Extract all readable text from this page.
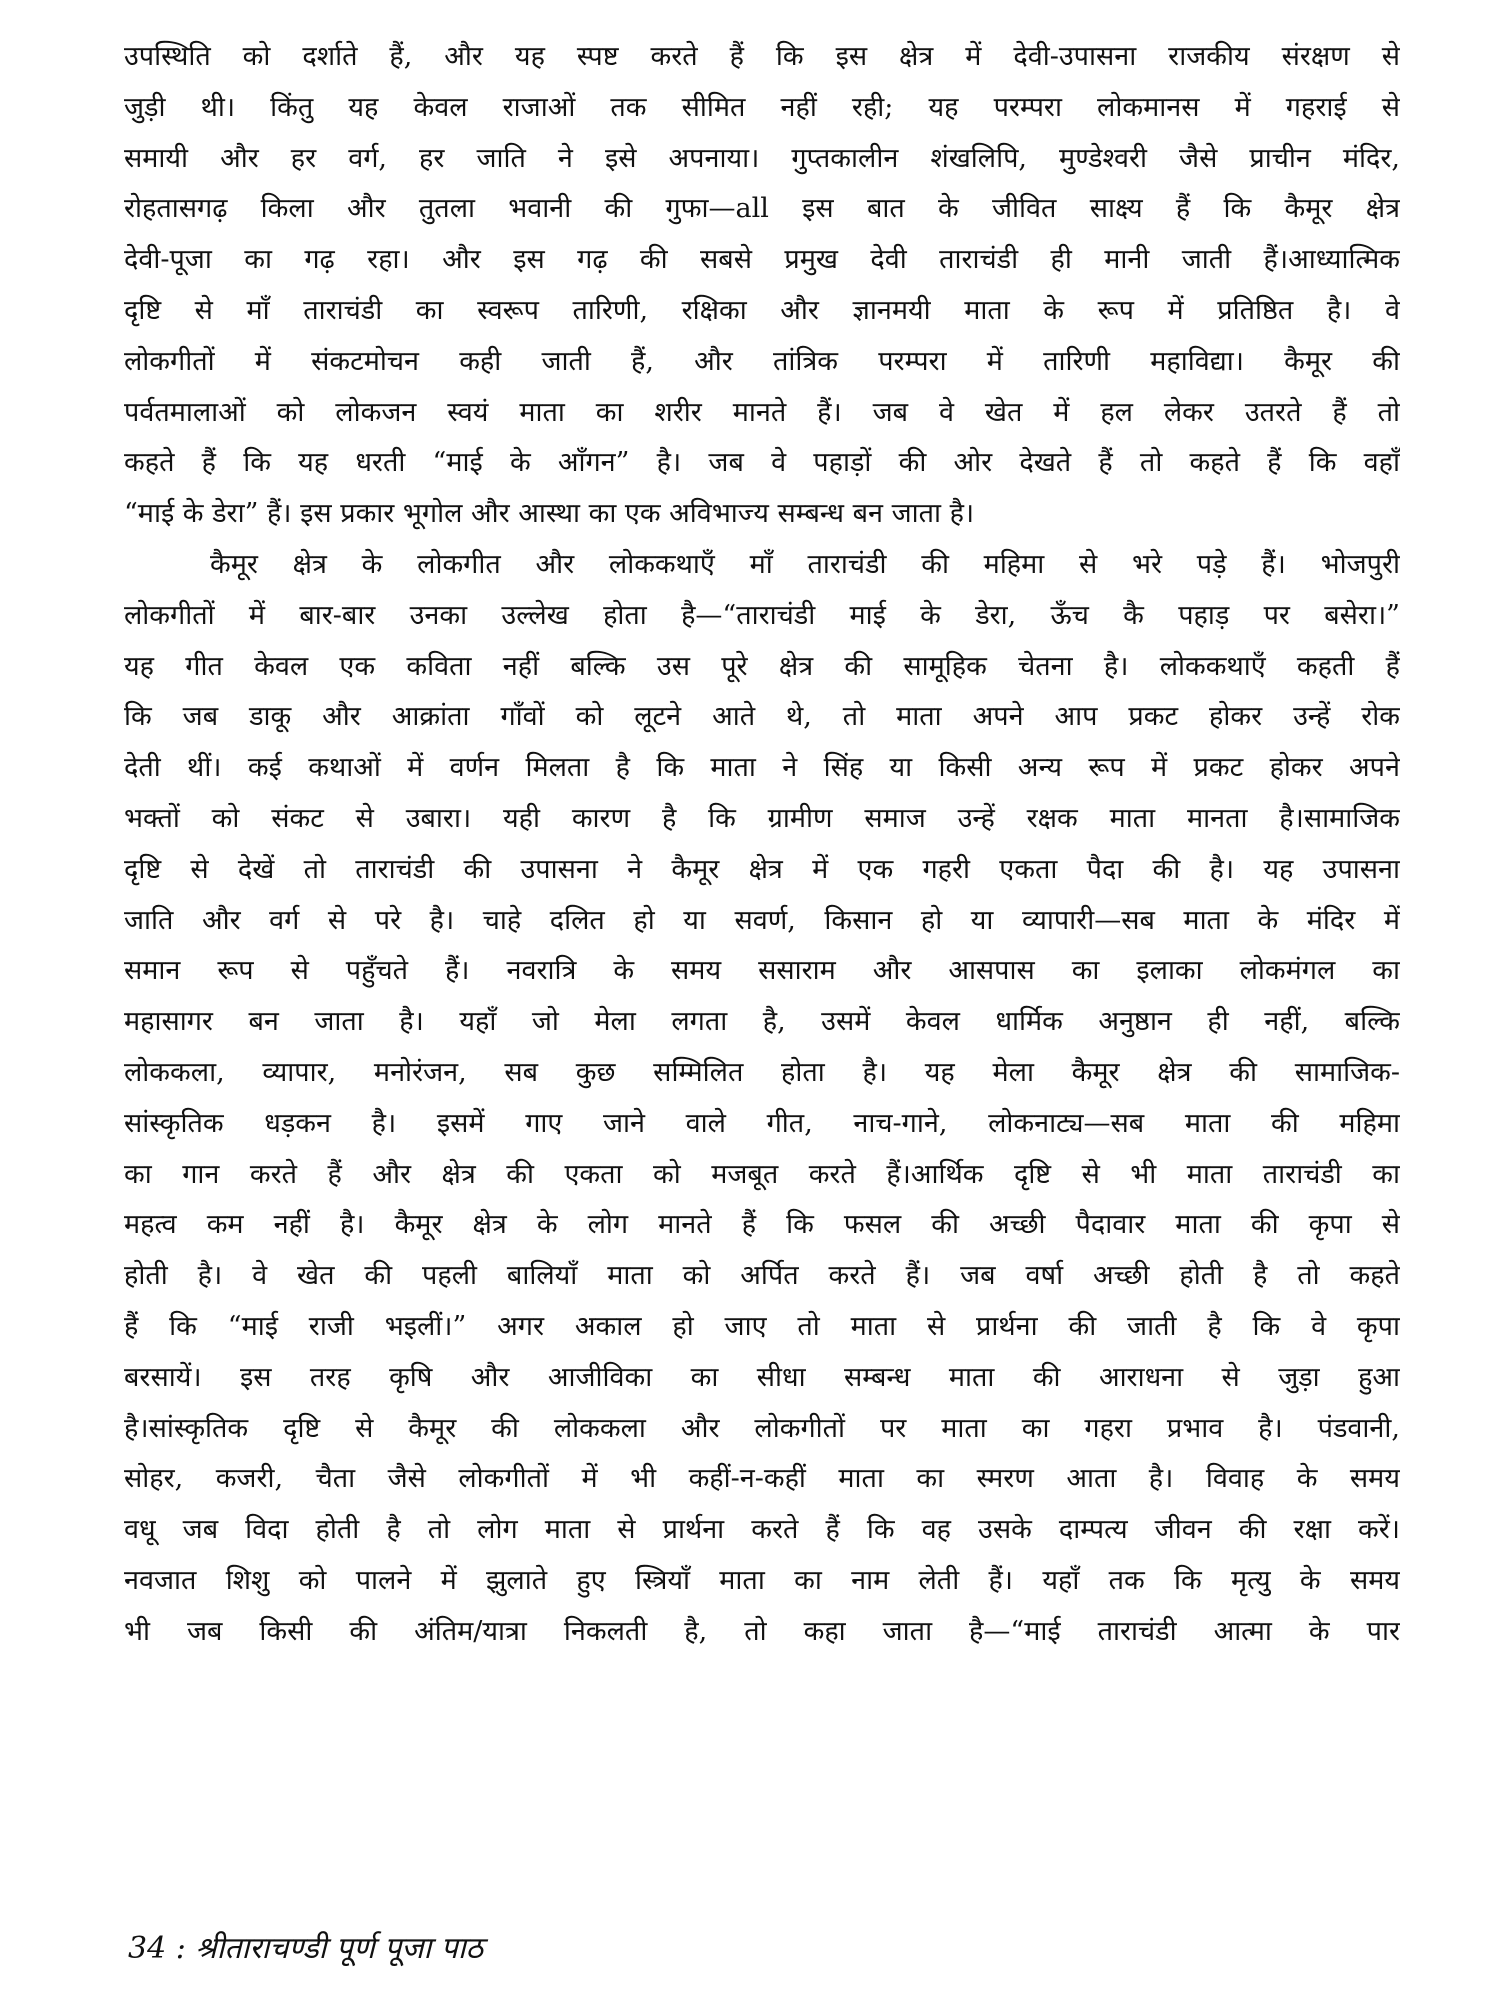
उपस्थिति को दर्शाते हैं, और यह स्पष्ट करते हैं कि इस क्षेत्र में देवी-उपासना राजकीय संरक्षण से
जुड़ी थी। किंतु यह केवल राजाओं तक सीमित नहीं रही; यह परम्परा लोकमानस में गहराई से
समायी और हर वर्ग, हर जाति ने इसे अपनाया। गुप्तकालीन शंखलिपि, मुण्डेश्वरी जैसे प्राचीन मंदिर,
रोहतासगढ़ किला और तुतला भवानी की गुफा—all इस बात के जीवित साक्ष्य हैं कि कैमूर क्षेत्र
देवी-पूजा का गढ़ रहा। और इस गढ़ की सबसे प्रमुख देवी ताराचंडी ही मानी जाती हैं।आध्यात्मिक
दृष्टि से माँ ताराचंडी का स्वरूप तारिणी, रक्षिका और ज्ञानमयी माता के रूप में प्रतिष्ठित है। वे
लोकगीतों में संकटमोचन कही जाती हैं, और तांत्रिक परम्परा में तारिणी महाविद्या। कैमूर की
पर्वतमालाओं को लोकजन स्वयं माता का शरीर मानते हैं। जब वे खेत में हल लेकर उतरते हैं तो
कहते हैं कि यह धरती “माई के आँगन” है। जब वे पहाड़ों की ओर देखते हैं तो कहते हैं कि वहाँ
“माई के डेरा” हैं। इस प्रकार भूगोल और आस्था का एक अविभाज्य सम्बन्ध बन जाता है।
कैमूर क्षेत्र के लोकगीत और लोककथाएँ माँ ताराचंडी की महिमा से भरे पड़े हैं। भोजपुरी
लोकगीतों में बार-बार उनका उल्लेख होता है—“ताराचंडी माई के डेरा, ऊँच कै पहाड़ पर बसेरा।”
यह गीत केवल एक कविता नहीं बल्कि उस पूरे क्षेत्र की सामूहिक चेतना है। लोककथाएँ कहती हैं
कि जब डाकू और आक्रांता गाँवों को लूटने आते थे, तो माता अपने आप प्रकट होकर उन्हें रोक
देती थीं। कई कथाओं में वर्णन मिलता है कि माता ने सिंह या किसी अन्य रूप में प्रकट होकर अपने
भक्तों को संकट से उबारा। यही कारण है कि ग्रामीण समाज उन्हें रक्षक माता मानता है।सामाजिक
दृष्टि से देखें तो ताराचंडी की उपासना ने कैमूर क्षेत्र में एक गहरी एकता पैदा की है। यह उपासना
जाति और वर्ग से परे है। चाहे दलित हो या सवर्ण, किसान हो या व्यापारी—सब माता के मंदिर में
समान रूप से पहुँचते हैं। नवरात्रि के समय ससाराम और आसपास का इलाका लोकमंगल का
महासागर बन जाता है। यहाँ जो मेला लगता है, उसमें केवल धार्मिक अनुष्ठान ही नहीं, बल्कि
लोककला, व्यापार, मनोरंजन, सब कुछ सम्मिलित होता है। यह मेला कैमूर क्षेत्र की सामाजिक-
सांस्कृतिक धड़कन है। इसमें गाए जाने वाले गीत, नाच-गाने, लोकनाट्य—सब माता की महिमा
का गान करते हैं और क्षेत्र की एकता को मजबूत करते हैं।आर्थिक दृष्टि से भी माता ताराचंडी का
महत्व कम नहीं है। कैमूर क्षेत्र के लोग मानते हैं कि फसल की अच्छी पैदावार माता की कृपा से
होती है। वे खेत की पहली बालियाँ माता को अर्पित करते हैं। जब वर्षा अच्छी होती है तो कहते
हैं कि “माई राजी भइलीं।” अगर अकाल हो जाए तो माता से प्रार्थना की जाती है कि वे कृपा
बरसायें। इस तरह कृषि और आजीविका का सीधा सम्बन्ध माता की आराधना से जुड़ा हुआ
है।सांस्कृतिक दृष्टि से कैमूर की लोककला और लोकगीतों पर माता का गहरा प्रभाव है। पंडवानी,
सोहर, कजरी, चैता जैसे लोकगीतों में भी कहीं-न-कहीं माता का स्मरण आता है। विवाह के समय
वधू जब विदा होती है तो लोग माता से प्रार्थना करते हैं कि वह उसके दाम्पत्य जीवन की रक्षा करें।
नवजात शिशु को पालने में झुलाते हुए स्त्रियाँ माता का नाम लेती हैं। यहाँ तक कि मृत्यु के समय
भी जब किसी की अंतिम/यात्रा निकलती है, तो कहा जाता है—“माई ताराचंडी आत्मा के पार
34 : श्रीताराचण्डी पूर्ण पूजा पाठ
